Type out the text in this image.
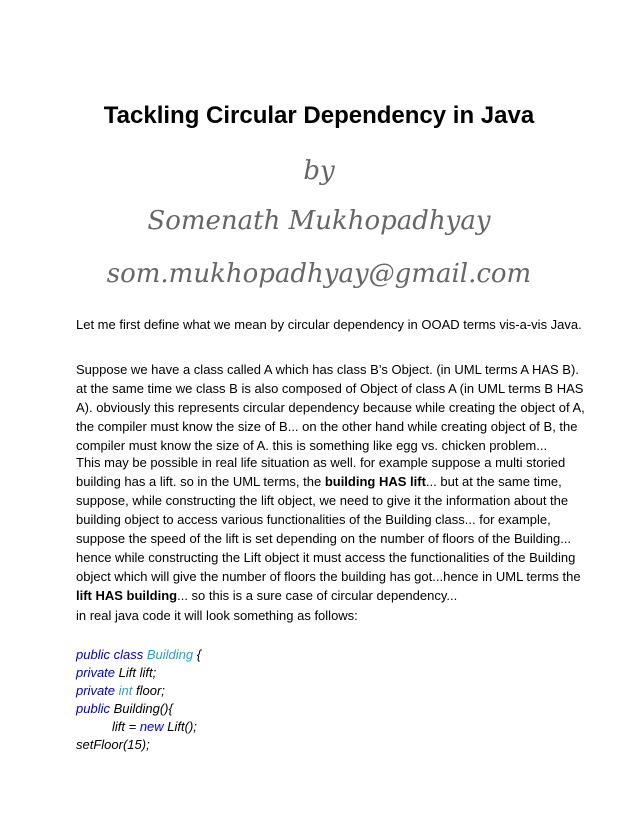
Tackling Circular Dependency in Java

by

Somenath Mukhopadhyay

som.mukhopadhyay@gmail.com

Let me first define what we mean by circular dependency in OOAD terms vis-a-vis Java.

Suppose we have a class called A which has class B’s Object. (in UML terms A HAS B). at the same time we class B is also composed of Object of class A (in UML terms B HAS A). obviously this represents circular dependency because while creating the object of A, the compiler must know the size of B... on the other hand while creating object of B, the compiler must know the size of A. this is something like egg vs. chicken problem...

This may be possible in real life situation as well. for example suppose a multi storied building has a lift. so in the UML terms, the building HAS lift... but at the same time, suppose, while constructing the lift object, we need to give it the information about the building object to access various functionalities of the Building class... for example, suppose the speed of the lift is set depending on the number of floors of the Building... hence while constructing the Lift object it must access the functionalities of the Building object which will give the number of floors the building has got...hence in UML terms the lift HAS building... so this is a sure case of circular dependency...

in real java code it will look something as follows:

public class Building {
private Lift lift;
private int floor;
public Building(){
lift = new Lift();
setFloor(15);
